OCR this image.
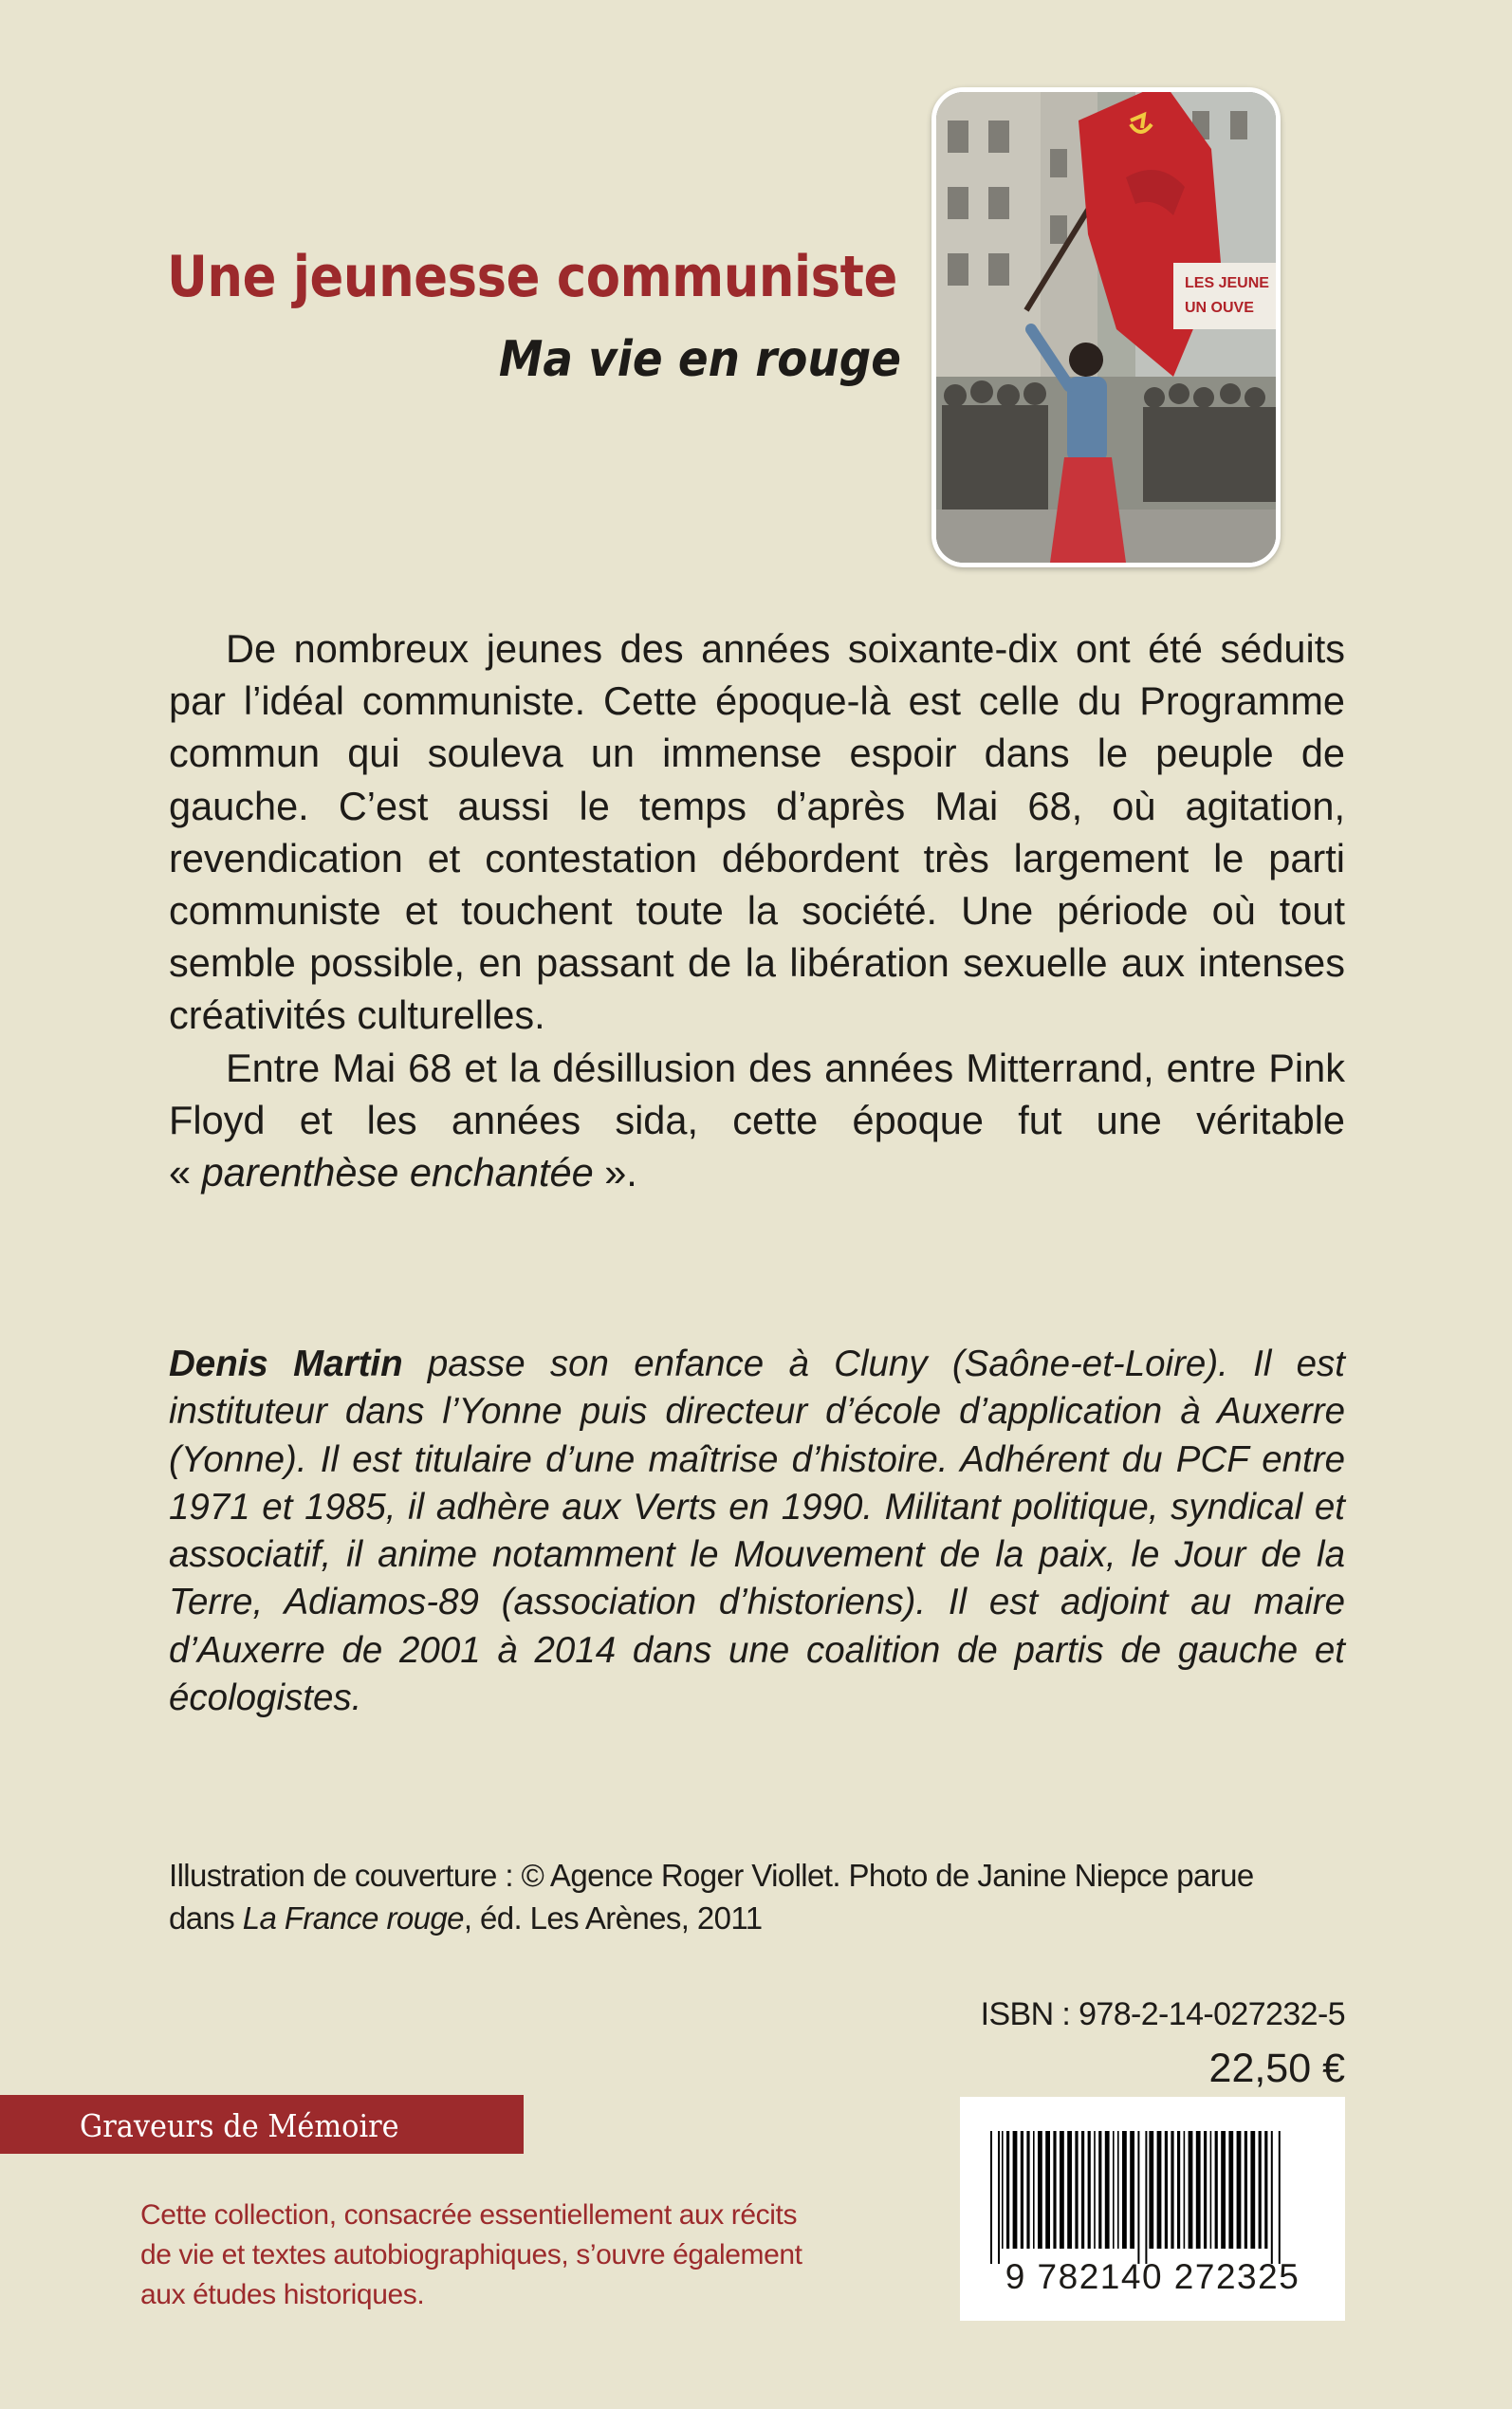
Une jeunesse communiste
Ma vie en rouge
LES JEUNE
UN OUVE

De nombreux jeunes des années soixante-dix ont été séduits par l’idéal communiste. Cette époque-là est celle du Programme commun qui souleva un immense espoir dans le peuple de gauche. C’est aussi le temps d’après Mai 68, où agitation, revendication et contestation débordent très largement le parti communiste et touchent toute la société. Une période où tout semble possible, en passant de la libération sexuelle aux intenses créativités culturelles.

Entre Mai 68 et la désillusion des années Mitterrand, entre Pink Floyd et les années sida, cette époque fut une véritable « parenthèse enchantée ».

Denis Martin passe son enfance à Cluny (Saône-et-Loire). Il est instituteur dans l’Yonne puis directeur d’école d’application à Auxerre (Yonne). Il est titulaire d’une maîtrise d’histoire. Adhérent du PCF entre 1971 et 1985, il adhère aux Verts en 1990. Militant politique, syndical et associatif, il anime notamment le Mouvement de la paix, le Jour de la Terre, Adiamos-89 (association d’historiens). Il est adjoint au maire d’Auxerre de 2001 à 2014 dans une coalition de partis de gauche et écologistes.
Illustration de couverture : © Agence Roger Viollet. Photo de Janine Niepce parue
dans La France rouge, éd. Les Arènes, 2011
ISBN : 978-2-14-027232-5
22,50 €
Graveurs de Mémoire
Cette collection, consacrée essentiellement aux récits
de vie et textes autobiographiques, s’ouvre également
aux études historiques.	9 782140 272325
